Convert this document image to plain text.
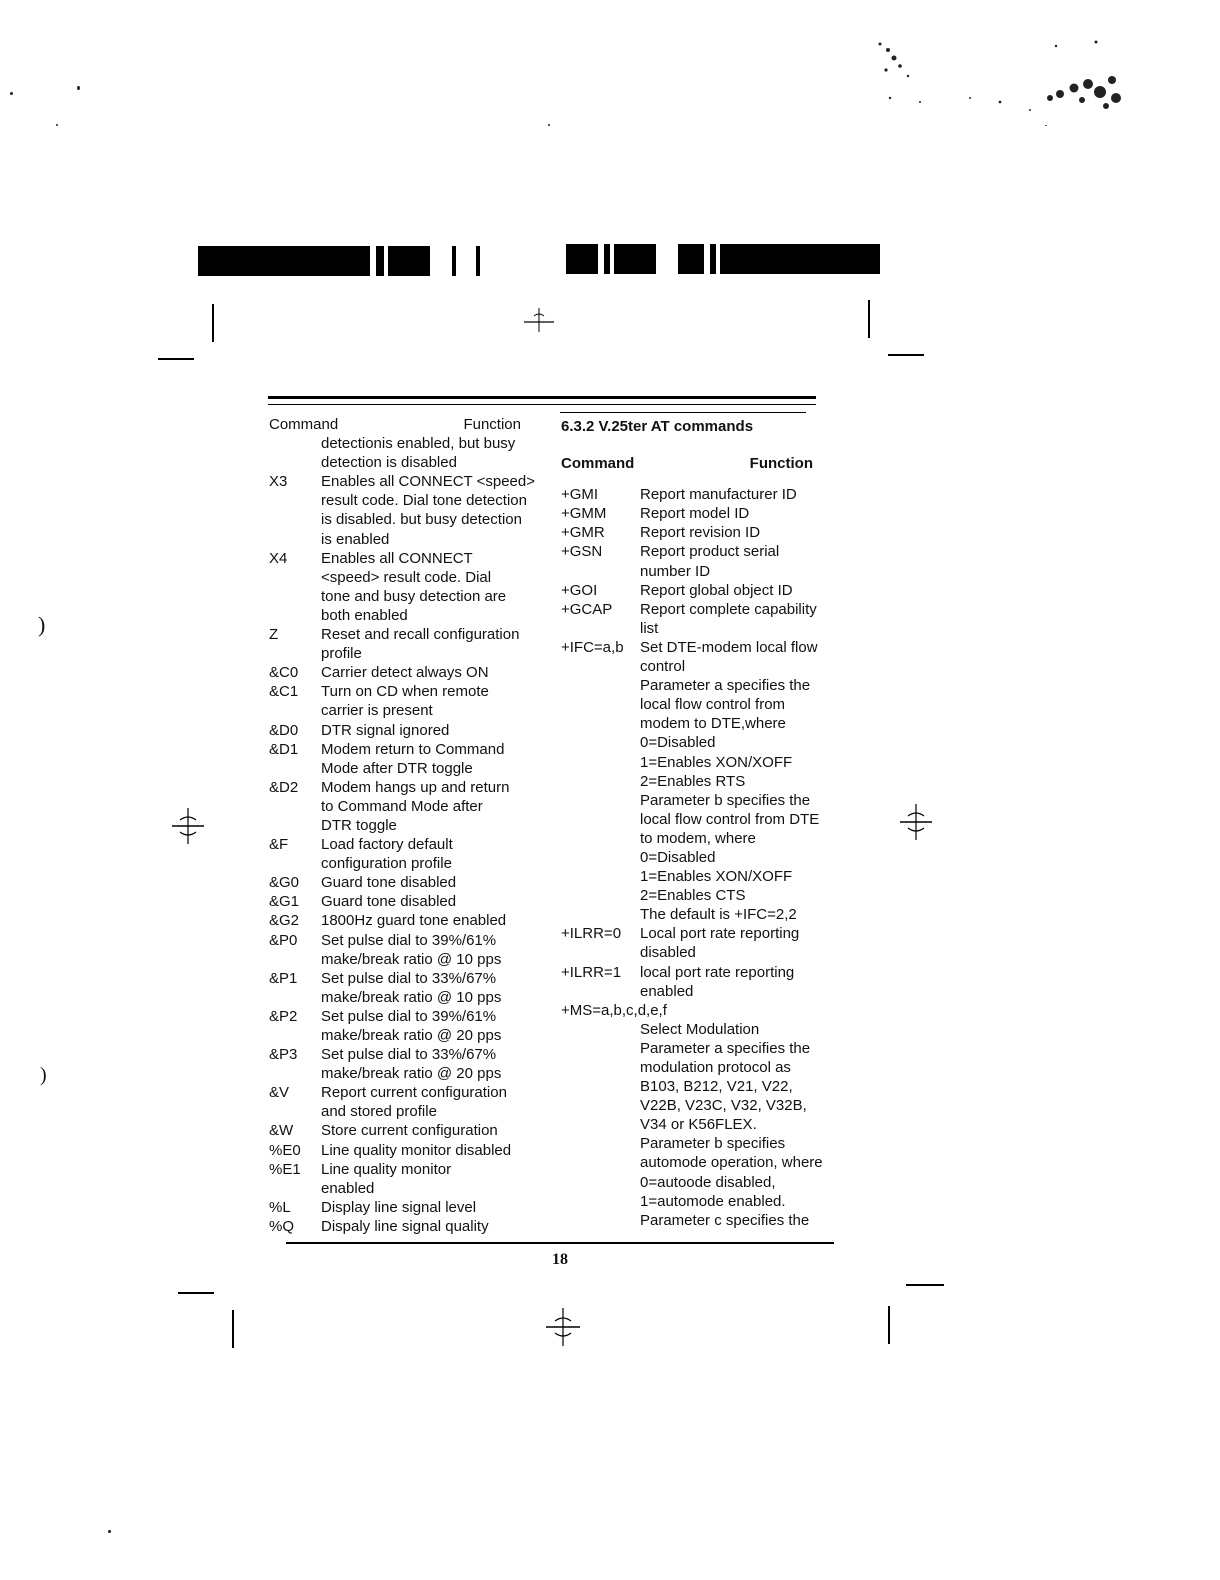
)
)
Command	Function
detectionis enabled, but busy
detection is disabled
X3	Enables all CONNECT <speed>
result code. Dial tone detection
is disabled. but busy detection
is enabled
X4	Enables all CONNECT
<speed> result code. Dial
tone and busy detection are
both enabled
Z	Reset and recall configuration
profile
&C0	Carrier detect always ON
&C1	Turn on CD when remote
carrier is present
&D0	DTR signal ignored
&D1	Modem return to Command
Mode after DTR toggle
&D2	Modem hangs up and return
to Command Mode after
DTR toggle
&F	Load factory default
configuration profile
&G0	Guard tone disabled
&G1	Guard tone disabled
&G2	1800Hz guard tone enabled
&P0	Set pulse dial to 39%/61%
make/break ratio @ 10 pps
&P1	Set pulse dial to 33%/67%
make/break ratio @ 10 pps
&P2	Set pulse dial to 39%/61%
make/break ratio @ 20 pps
&P3	Set pulse dial to 33%/67%
make/break ratio @ 20 pps
&V	Report current configuration
and stored profile
&W	Store current configuration
%E0	Line quality monitor disabled
%E1	Line quality monitor
enabled
%L	Display line signal level
%Q	Dispaly line signal quality
6.3.2 V.25ter AT commands
Command	Function
+GMI	Report manufacturer ID
+GMM	Report model ID
+GMR	Report revision ID
+GSN	Report product serial
number ID
+GOI	Report global object ID
+GCAP	Report complete capability
list
+IFC=a,b	Set DTE-modem local flow
control
Parameter a specifies the
local flow control from
modem to DTE,where
0=Disabled
1=Enables XON/XOFF
2=Enables RTS
Parameter b specifies the
local flow control from DTE
to modem, where
0=Disabled
1=Enables XON/XOFF
2=Enables CTS
The default is +IFC=2,2
+ILRR=0	Local port rate reporting
disabled
+ILRR=1	local port rate reporting
enabled
+MS=a,b,c,d,e,f
Select Modulation
Parameter a specifies the
modulation protocol as
B103, B212, V21, V22,
V22B, V23C, V32, V32B,
V34 or K56FLEX.
Parameter b specifies
automode operation, where
0=autoode disabled,
1=automode enabled.
Parameter c specifies the
18
